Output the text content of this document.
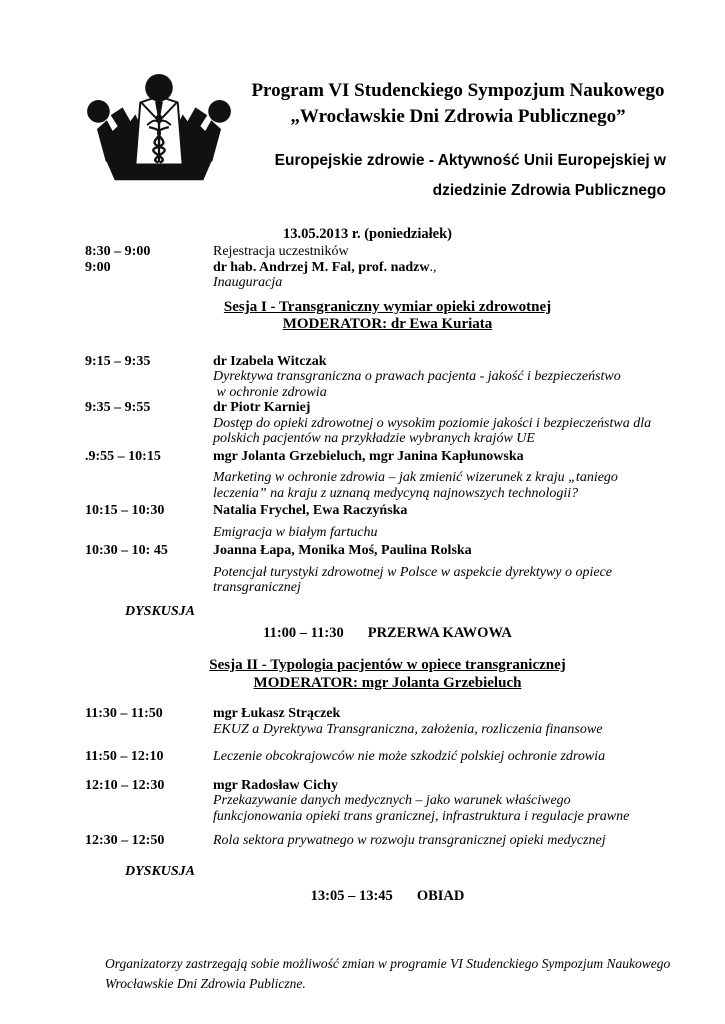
Program VI Studenckiego Sympozjum Naukowego
„Wrocławskie Dni Zdrowia Publicznego”
Europejskie zdrowie - Aktywność Unii Europejskiej w
dziedzinie Zdrowia Publicznego
13.05.2013 r. (poniedziałek)
8:30 – 9:00	Rejestracja uczestników
9:00	dr hab. Andrzej M. Fal, prof. nadzw.,
Inauguracja
Sesja I - Transgraniczny wymiar opieki zdrowotnej
MODERATOR: dr Ewa Kuriata
9:15 – 9:35	dr Izabela Witczak
Dyrektywa transgraniczna o prawach pacjenta - jakość i bezpieczeństwo
w ochronie zdrowia
9:35 – 9:55	dr Piotr Karniej
Dostęp do opieki zdrowotnej o wysokim poziomie jakości i bezpieczeństwa dla
polskich pacjentów na przykładzie wybranych krajów UE
.9:55 – 10:15	mgr Jolanta Grzebieluch, mgr Janina Kapłunowska
Marketing w ochronie zdrowia – jak zmienić wizerunek z kraju „taniego
leczenia” na kraju z uznaną medycyną najnowszych technologii?
10:15 – 10:30	Natalia Frychel, Ewa Raczyńska
Emigracja w białym fartuchu
10:30 – 10: 45	Joanna Łapa, Monika Moś, Paulina Rolska
Potencjał turystyki zdrowotnej w Polsce w aspekcie dyrektywy o opiece
transgranicznej
DYSKUSJA
11:00 – 11:30 PRZERWA KAWOWA
Sesja II - Typologia pacjentów w opiece transgranicznej
MODERATOR: mgr Jolanta Grzebieluch
11:30 – 11:50	mgr Łukasz Strączek
EKUZ a Dyrektywa Transgraniczna, założenia, rozliczenia finansowe
11:50 – 12:10	Leczenie obcokrajowców nie może szkodzić polskiej ochronie zdrowia
12:10 – 12:30	mgr Radosław Cichy
Przekazywanie danych medycznych – jako warunek właściwego
funkcjonowania opieki trans granicznej, infrastruktura i regulacje prawne
12:30 – 12:50	Rola sektora prywatnego w rozwoju transgranicznej opieki medycznej
DYSKUSJA
13:05 – 13:45 OBIAD
Organizatorzy zastrzegają sobie możliwość zmian w programie VI Studenckiego Sympozjum Naukowego
Wrocławskie Dni Zdrowia Publiczne.
